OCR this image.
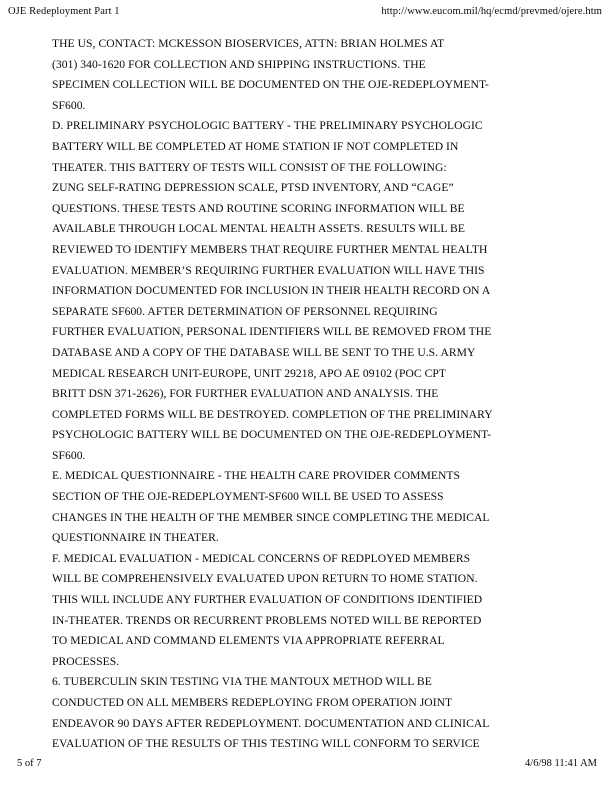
OJE Redeployment Part 1	http://www.eucom.mil/hq/ecmd/prevmed/ojere.htm

THE US, CONTACT: MCKESSON BIOSERVICES, ATTN: BRIAN HOLMES AT
(301) 340-1620 FOR COLLECTION AND SHIPPING INSTRUCTIONS. THE
SPECIMEN COLLECTION WILL BE DOCUMENTED ON THE OJE-REDEPLOYMENT-
SF600.

D. PRELIMINARY PSYCHOLOGIC BATTERY - THE PRELIMINARY PSYCHOLOGIC
BATTERY WILL BE COMPLETED AT HOME STATION IF NOT COMPLETED IN
THEATER. THIS BATTERY OF TESTS WILL CONSIST OF THE FOLLOWING:
ZUNG SELF-RATING DEPRESSION SCALE, PTSD INVENTORY, AND “CAGE”
QUESTIONS. THESE TESTS AND ROUTINE SCORING INFORMATION WILL BE
AVAILABLE THROUGH LOCAL MENTAL HEALTH ASSETS. RESULTS WILL BE
REVIEWED TO IDENTIFY MEMBERS THAT REQUIRE FURTHER MENTAL HEALTH
EVALUATION. MEMBER’S REQUIRING FURTHER EVALUATION WILL HAVE THIS
INFORMATION DOCUMENTED FOR INCLUSION IN THEIR HEALTH RECORD ON A
SEPARATE SF600. AFTER DETERMINATION OF PERSONNEL REQUIRING
FURTHER EVALUATION, PERSONAL IDENTIFIERS WILL BE REMOVED FROM THE
DATABASE AND A COPY OF THE DATABASE WILL BE SENT TO THE U.S. ARMY
MEDICAL RESEARCH UNIT-EUROPE, UNIT 29218, APO AE 09102 (POC CPT
BRITT DSN 371-2626), FOR FURTHER EVALUATION AND ANALYSIS. THE
COMPLETED FORMS WILL BE DESTROYED. COMPLETION OF THE PRELIMINARY
PSYCHOLOGIC BATTERY WILL BE DOCUMENTED ON THE OJE-REDEPLOYMENT-
SF600.

E. MEDICAL QUESTIONNAIRE - THE HEALTH CARE PROVIDER COMMENTS
SECTION OF THE OJE-REDEPLOYMENT-SF600 WILL BE USED TO ASSESS
CHANGES IN THE HEALTH OF THE MEMBER SINCE COMPLETING THE MEDICAL
QUESTIONNAIRE IN THEATER.

F. MEDICAL EVALUATION - MEDICAL CONCERNS OF REDPLOYED MEMBERS
WILL BE COMPREHENSIVELY EVALUATED UPON RETURN TO HOME STATION.
THIS WILL INCLUDE ANY FURTHER EVALUATION OF CONDITIONS IDENTIFIED
IN-THEATER. TRENDS OR RECURRENT PROBLEMS NOTED WILL BE REPORTED
TO MEDICAL AND COMMAND ELEMENTS VIA APPROPRIATE REFERRAL
PROCESSES.

6. TUBERCULIN SKIN TESTING VIA THE MANTOUX METHOD WILL BE
CONDUCTED ON ALL MEMBERS REDEPLOYING FROM OPERATION JOINT
ENDEAVOR 90 DAYS AFTER REDEPLOYMENT. DOCUMENTATION AND CLINICAL
EVALUATION OF THE RESULTS OF THIS TESTING WILL CONFORM TO SERVICE

5 of 7	4/6/98 11:41 AM
